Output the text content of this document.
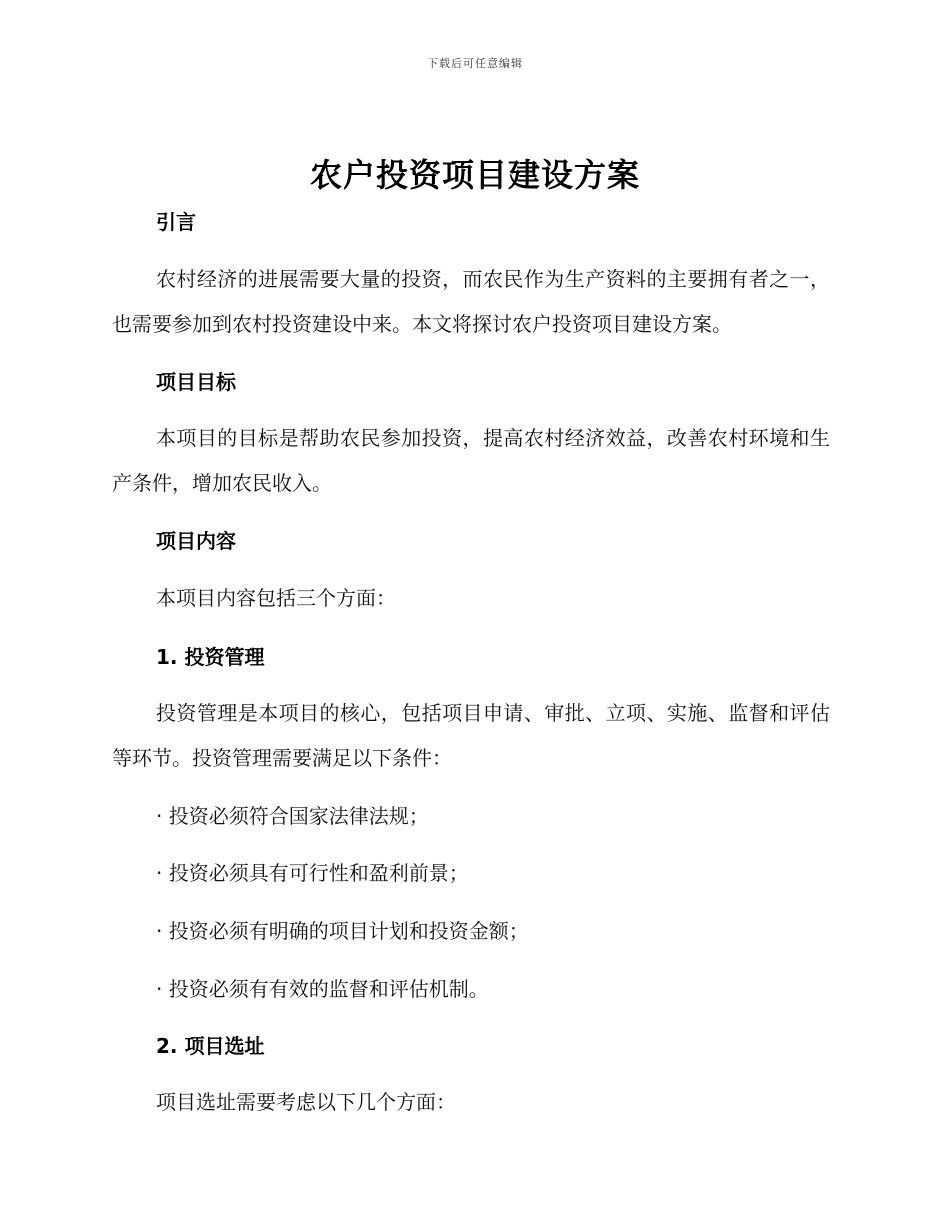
下载后可任意编辑
农户投资项目建设方案
引言
农村经济的进展需要大量的投资，而农民作为生产资料的主要拥有者之一，也需要参加到农村投资建设中来。本文将探讨农户投资项目建设方案。
项目目标
本项目的目标是帮助农民参加投资，提高农村经济效益，改善农村环境和生产条件，增加农民收入。
项目内容
本项目内容包括三个方面：
1. 投资管理
投资管理是本项目的核心，包括项目申请、审批、立项、实施、监督和评估等环节。投资管理需要满足以下条件：
· 投资必须符合国家法律法规；
· 投资必须具有可行性和盈利前景；
· 投资必须有明确的项目计划和投资金额；
· 投资必须有有效的监督和评估机制。
2. 项目选址
项目选址需要考虑以下几个方面：
